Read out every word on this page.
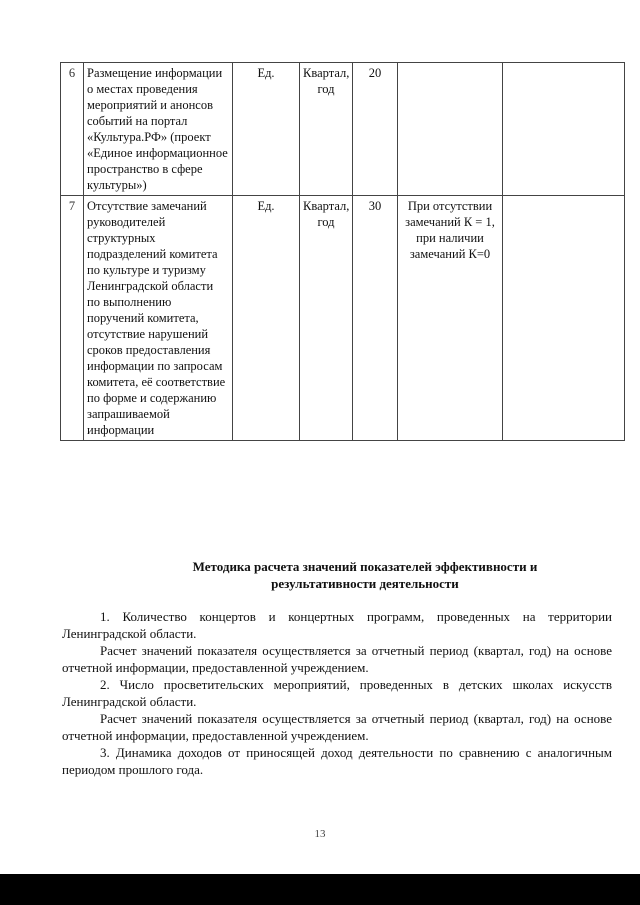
6	Размещение информации о местах проведения мероприятий и анонсов событий на портал «Культура.РФ» (проект «Единое информационное пространство в сфере культуры»)	Ед.	Квартал, год	20		
7	Отсутствие замечаний руководителей структурных подразделений комитета по культуре и туризму Ленинградской области по выполнению поручений комитета, отсутствие нарушений сроков предоставления информации по запросам комитета, её соответствие по форме и содержанию запрашиваемой информации	Ед.	Квартал, год	30	При отсутствии замечаний К = 1, при наличии замечаний К=0	
Методика расчета значений показателей эффективности и результативности деятельности

1. Количество концертов и концертных программ, проведенных на территории Ленинградской области.

Расчет значений показателя осуществляется за отчетный период (квартал, год) на основе отчетной информации, предоставленной учреждением.

2. Число просветительских мероприятий, проведенных в детских школах искусств Ленинградской области.

Расчет значений показателя осуществляется за отчетный период (квартал, год) на основе отчетной информации, предоставленной учреждением.

3. Динамика доходов от приносящей доход деятельности по сравнению с аналогичным периодом прошлого года.

13
